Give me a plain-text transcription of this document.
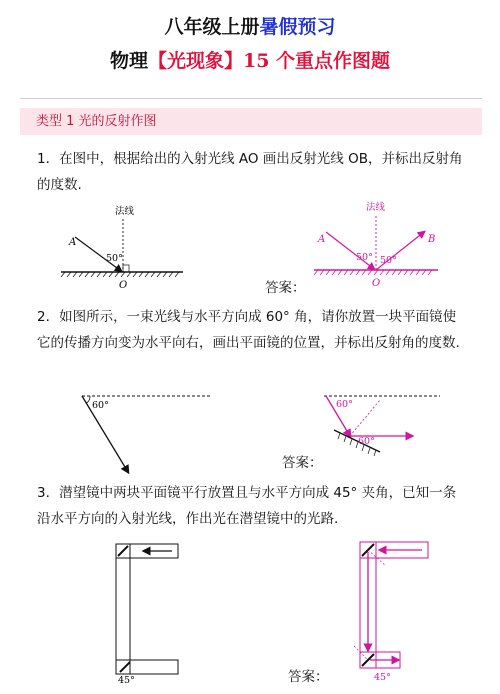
八年级上册暑假预习
物理【光现象】15 个重点作图题
类型 1 光的反射作图
1．在图中，根据给出的入射光线 AO 画出反射光线 OB，并标出反射角的度数.
法线
A
50°
O	答案：
法线
A	B
50° 50°
O
2．如图所示，一束光线与水平方向成 60° 角，请你放置一块平面镜使它的传播方向变为水平向右，画出平面镜的位置，并标出反射角的度数.
60°
答案：
60°
60°
3．潜望镜中两块平面镜平行放置且与水平方向成 45° 夹角，已知一条沿水平方向的入射光线，作出光在潜望镜中的光路.
45°	答案：	45°
